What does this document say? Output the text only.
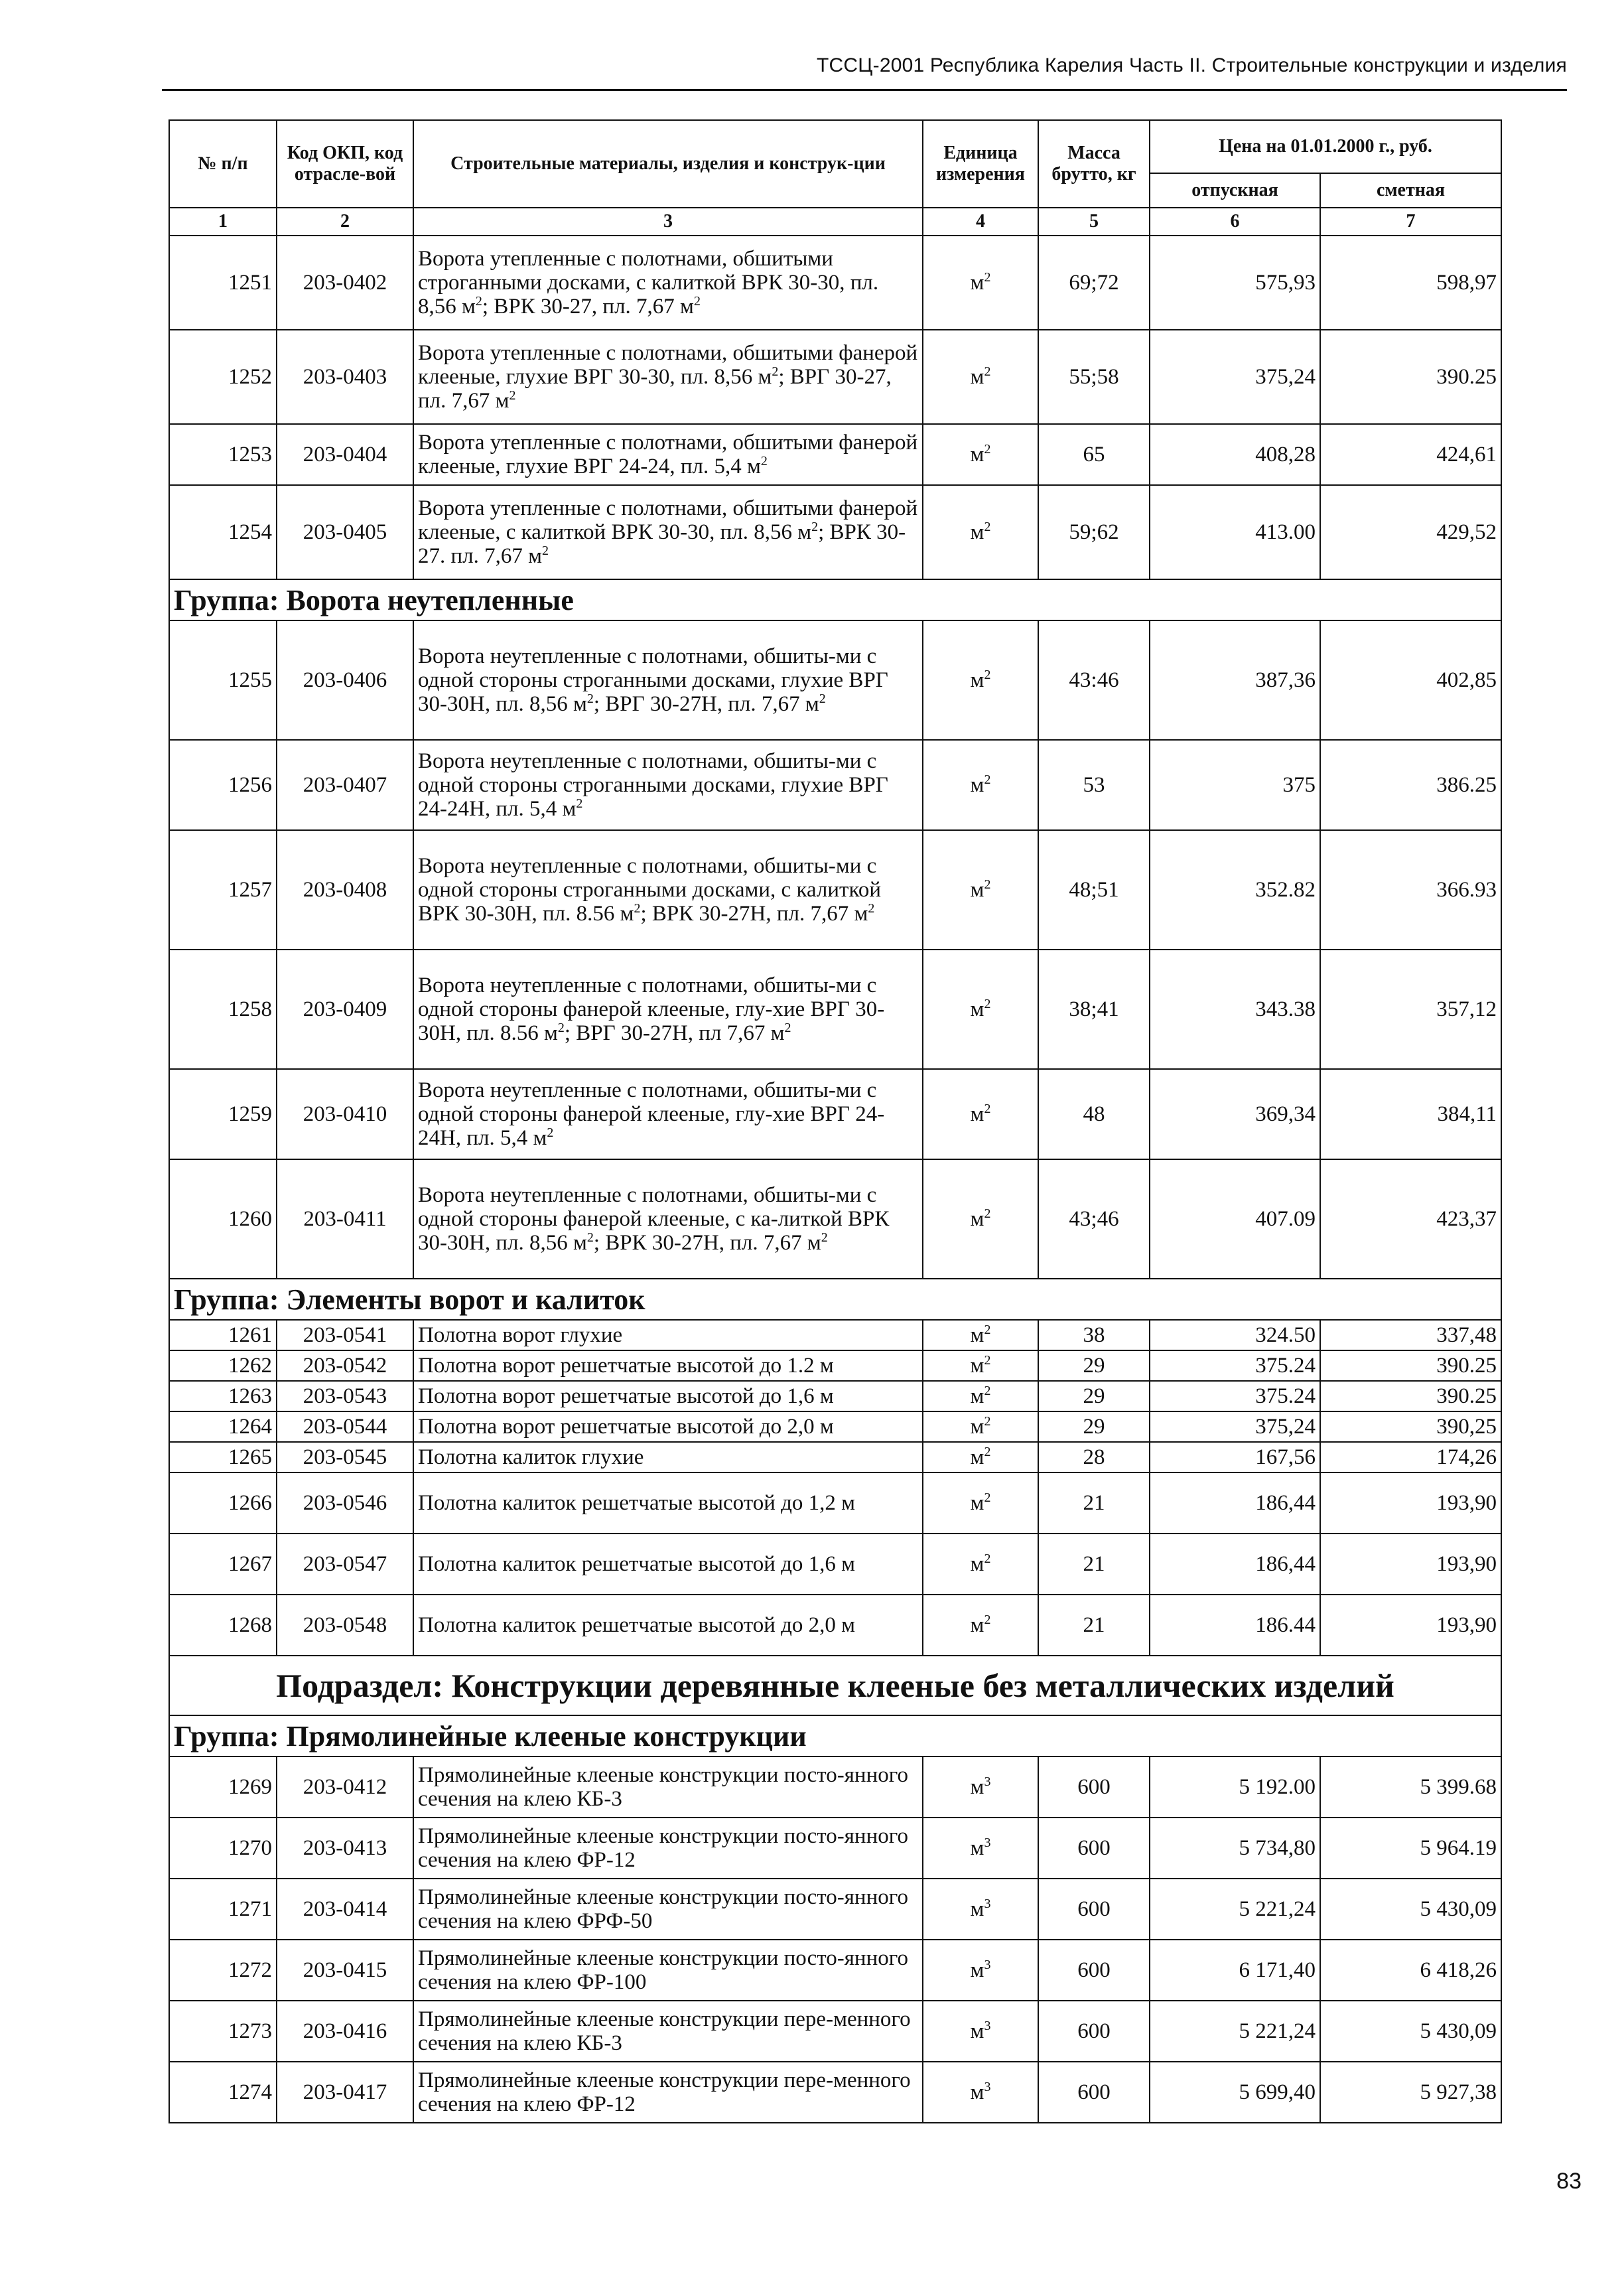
ТССЦ-2001 Республика Карелия Часть II. Строительные конструкции и изделия
№ п/п	Код ОКП, код отрасле-вой	Строительные материалы, изделия и конструк-ции	Единица измерения	Масса брутто, кг	Цена на 01.01.2000 г., руб.	
					отпускная	сметная
1	2	3	4	5	6	7
1251	203-0402	Ворота утепленные с полотнами, обшитыми строганными досками, с калиткой ВРК 30-30, пл. 8,56 $м^2$; ВРК 30-27, пл. 7,67 $м^2$	$м^2$	69;72	575,93	598,97
1252	203-0403	Ворота утепленные с полотнами, обшитыми фанерой клееные, глухие ВРГ 30-30, пл. 8,56 $м^2$; ВРГ 30-27, пл. 7,67 $м^2$	$м^2$	55;58	375,24	390.25
1253	203-0404	Ворота утепленные с полотнами, обшитыми фанерой клееные, глухие ВРГ 24-24, пл. 5,4 $м^2$	$м^2$	65	408,28	424,61
1254	203-0405	Ворота утепленные с полотнами, обшитыми фанерой клееные, с калиткой ВРК 30-30, пл. 8,56 $м^2$; ВРК 30-27. пл. 7,67 $м^2$	$м^2$	59;62	413.00	429,52
Группа: Ворота неутепленные						
1255	203-0406	Ворота неутепленные с полотнами, обшиты-ми с одной стороны строганными досками, глухие ВРГ 30-30Н, пл. 8,56 $м^2$; ВРГ 30-27Н, пл. 7,67 $м^2$	$м^2$	43:46	387,36	402,85
1256	203-0407	Ворота неутепленные с полотнами, обшиты-ми с одной стороны строганными досками, глухие ВРГ 24-24Н, пл. 5,4 $м^2$	$м^2$	53	375	386.25
1257	203-0408	Ворота неутепленные с полотнами, обшиты-ми с одной стороны строганными досками, с калиткой ВРК 30-30Н, пл. 8.56 $м^2$; ВРК 30-27Н, пл. 7,67 $м^2$	$м^2$	48;51	352.82	366.93
1258	203-0409	Ворота неутепленные с полотнами, обшиты-ми с одной стороны фанерой клееные, глу-хие ВРГ 30-30Н, пл. 8.56 $м^2$; ВРГ 30-27Н, пл 7,67 $м^2$	$м^2$	38;41	343.38	357,12
1259	203-0410	Ворота неутепленные с полотнами, обшиты-ми с одной стороны фанерой клееные, глу-хие ВРГ 24-24Н, пл. 5,4 $м^2$	$м^2$	48	369,34	384,11
1260	203-0411	Ворота неутепленные с полотнами, обшиты-ми с одной стороны фанерой клееные, с ка-литкой ВРК 30-30Н, пл. 8,56 $м^2$; ВРК 30-27Н, пл. 7,67 $м^2$	$м^2$	43;46	407.09	423,37
Группа: Элементы ворот и калиток						
1261	203-0541	Полотна ворот глухие	$м^2$	38	324.50	337,48
1262	203-0542	Полотна ворот решетчатые высотой до 1.2 м	$м^2$	29	375.24	390.25
1263	203-0543	Полотна ворот решетчатые высотой до 1,6 м	$м^2$	29	375.24	390.25
1264	203-0544	Полотна ворот решетчатые высотой до 2,0 м	$м^2$	29	375,24	390,25
1265	203-0545	Полотна калиток глухие	$м^2$	28	167,56	174,26
1266	203-0546	Полотна калиток решетчатые высотой до 1,2 м	$м^2$	21	186,44	193,90
1267	203-0547	Полотна калиток решетчатые высотой до 1,6 м	$м^2$	21	186,44	193,90
1268	203-0548	Полотна калиток решетчатые высотой до 2,0 м	$м^2$	21	186.44	193,90
Подраздел: Конструкции деревянные клееные без металлических изделий						
Группа: Прямолинейные клееные конструкции						
1269	203-0412	Прямолинейные клееные конструкции посто-янного сечения на клею КБ-3	$м^3$	600	5 192.00	5 399.68
1270	203-0413	Прямолинейные клееные конструкции посто-янного сечения на клею ФР-12	$м^3$	600	5 734,80	5 964.19
1271	203-0414	Прямолинейные клееные конструкции посто-янного сечения на клею ФРФ-50	$м^3$	600	5 221,24	5 430,09
1272	203-0415	Прямолинейные клееные конструкции посто-янного сечения на клею ФР-100	$м^3$	600	6 171,40	6 418,26
1273	203-0416	Прямолинейные клееные конструкции пере-менного сечения на клею КБ-3	$м^3$	600	5 221,24	5 430,09
1274	203-0417	Прямолинейные клееные конструкции пере-менного сечения на клею ФР-12	$м^3$	600	5 699,40	5 927,38
83
